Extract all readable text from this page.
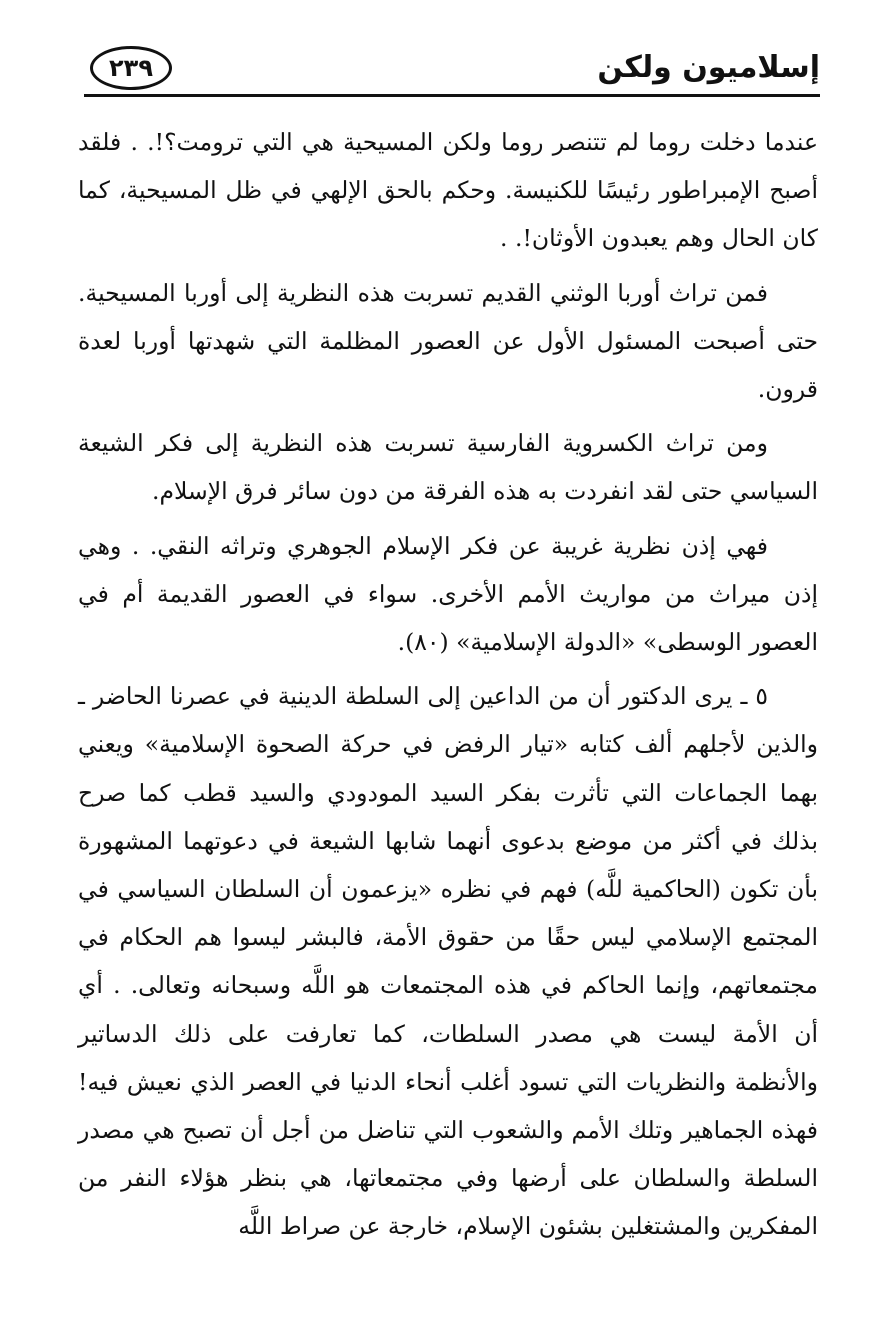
٢٣٩	إسلاميون ولكن

عندما دخلت روما لم تتنصر روما ولكن المسيحية هي التي ترومت؟!. . فلقد أصبح الإمبراطور رئيسًا للكنيسة. وحكم بالحق الإلهي في ظل المسيحية، كما كان الحال وهم يعبدون الأوثان!. .

فمن تراث أوربا الوثني القديم تسربت هذه النظرية إلى أوربا المسيحية. حتى أصبحت المسئول الأول عن العصور المظلمة التي شهدتها أوربا لعدة قرون.

ومن تراث الكسروية الفارسية تسربت هذه النظرية إلى فكر الشيعة السياسي حتى لقد انفردت به هذه الفرقة من دون سائر فرق الإسلام.

فهي إذن نظرية غريبة عن فكر الإسلام الجوهري وتراثه النقي. . وهي إذن ميراث من مواريث الأمم الأخرى. سواء في العصور القديمة أم في العصور الوسطى» «الدولة الإسلامية» (٨٠).

٥ ـ يرى الدكتور أن من الداعين إلى السلطة الدينية في عصرنا الحاضر ـ والذين لأجلهم ألف كتابه «تيار الرفض في حركة الصحوة الإسلامية» ويعني بهما الجماعات التي تأثرت بفكر السيد المودودي والسيد قطب كما صرح بذلك في أكثر من موضع بدعوى أنهما شابها الشيعة في دعوتهما المشهورة بأن تكون (الحاكمية للَّه) فهم في نظره «يزعمون أن السلطان السياسي في المجتمع الإسلامي ليس حقًا من حقوق الأمة، فالبشر ليسوا هم الحكام في مجتمعاتهم، وإنما الحاكم في هذه المجتمعات هو اللَّه وسبحانه وتعالى. . أي أن الأمة ليست هي مصدر السلطات، كما تعارفت على ذلك الدساتير والأنظمة والنظريات التي تسود أغلب أنحاء الدنيا في العصر الذي نعيش فيه! فهذه الجماهير وتلك الأمم والشعوب التي تناضل من أجل أن تصبح هي مصدر السلطة والسلطان على أرضها وفي مجتمعاتها، هي بنظر هؤلاء النفر من المفكرين والمشتغلين بشئون الإسلام، خارجة عن صراط اللَّه
